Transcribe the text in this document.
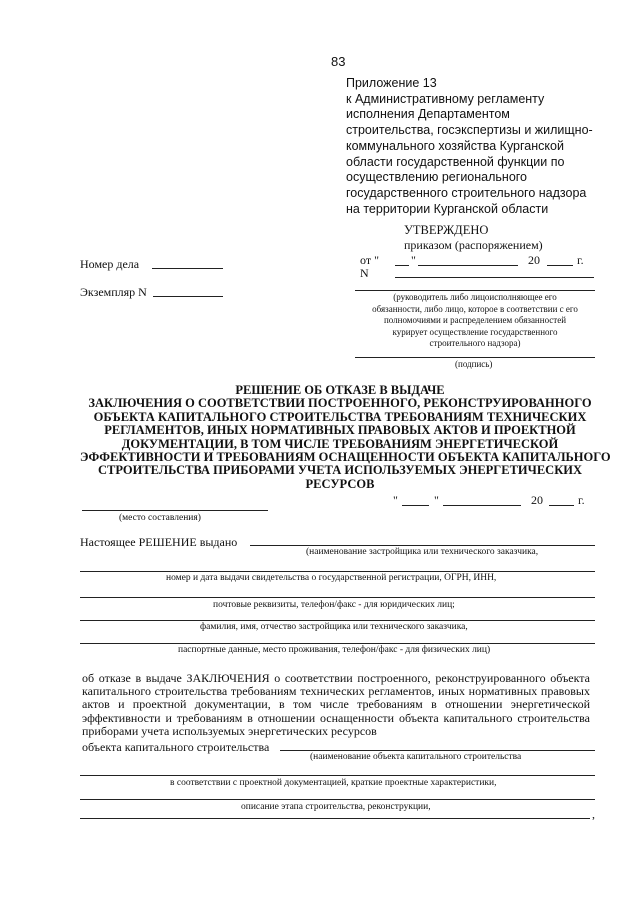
83
Приложение 13
к Административному регламенту
исполнения Департаментом
строительства, госэкспертизы и жилищно-
коммунального хозяйства Курганской
области государственной функции по
осуществлению регионального
государственного строительного надзора
на территории Курганской области
УТВЕРЖДЕНО
приказом (распоряжением)
от "	"	20	г.
N
(руководитель либо лицоисполняющее его
обязанности, либо лицо, которое в соответствии с его
полномочиями и распределением обязанностей
курирует осуществление государственного
строительного надзора)
(подпись)
Номер дела
Экземпляр N
РЕШЕНИЕ ОБ ОТКАЗЕ В ВЫДАЧЕ
ЗАКЛЮЧЕНИЯ О СООТВЕТСТВИИ ПОСТРОЕННОГО, РЕКОНСТРУИРОВАННОГО
ОБЪЕКТА КАПИТАЛЬНОГО СТРОИТЕЛЬСТВА ТРЕБОВАНИЯМ ТЕХНИЧЕСКИХ
РЕГЛАМЕНТОВ, ИНЫХ НОРМАТИВНЫХ ПРАВОВЫХ АКТОВ И ПРОЕКТНОЙ
ДОКУМЕНТАЦИИ, В ТОМ ЧИСЛЕ ТРЕБОВАНИЯМ ЭНЕРГЕТИЧЕСКОЙ
ЭФФЕКТИВНОСТИ И ТРЕБОВАНИЯМ ОСНАЩЕННОСТИ ОБЪЕКТА КАПИТАЛЬНОГО
СТРОИТЕЛЬСТВА ПРИБОРАМИ УЧЕТА ИСПОЛЬЗУЕМЫХ ЭНЕРГЕТИЧЕСКИХ
РЕСУРСОВ
"	"	20	г.
(место составления)
Настоящее РЕШЕНИЕ выдано
(наименование застройщика или технического заказчика,
номер и дата выдачи свидетельства о государственной регистрации, ОГРН, ИНН,
почтовые реквизиты, телефон/факс - для юридических лиц;
фамилия, имя, отчество застройщика или технического заказчика,
паспортные данные, место проживания, телефон/факс - для физических лиц)
об отказе в выдаче ЗАКЛЮЧЕНИЯ о соответствии построенного, реконструированного объекта
капитального строительства требованиям технических регламентов, иных нормативных правовых
актов и проектной документации, в том числе требованиям в отношении энергетической
эффективности и требованиям в отношении оснащенности объекта капитального строительства
приборами учета используемых энергетических ресурсов
объекта капитального строительства
(наименование объекта капитального строительства
в соответствии с проектной документацией, краткие проектные характеристики,
описание этапа строительства, реконструкции,	,
